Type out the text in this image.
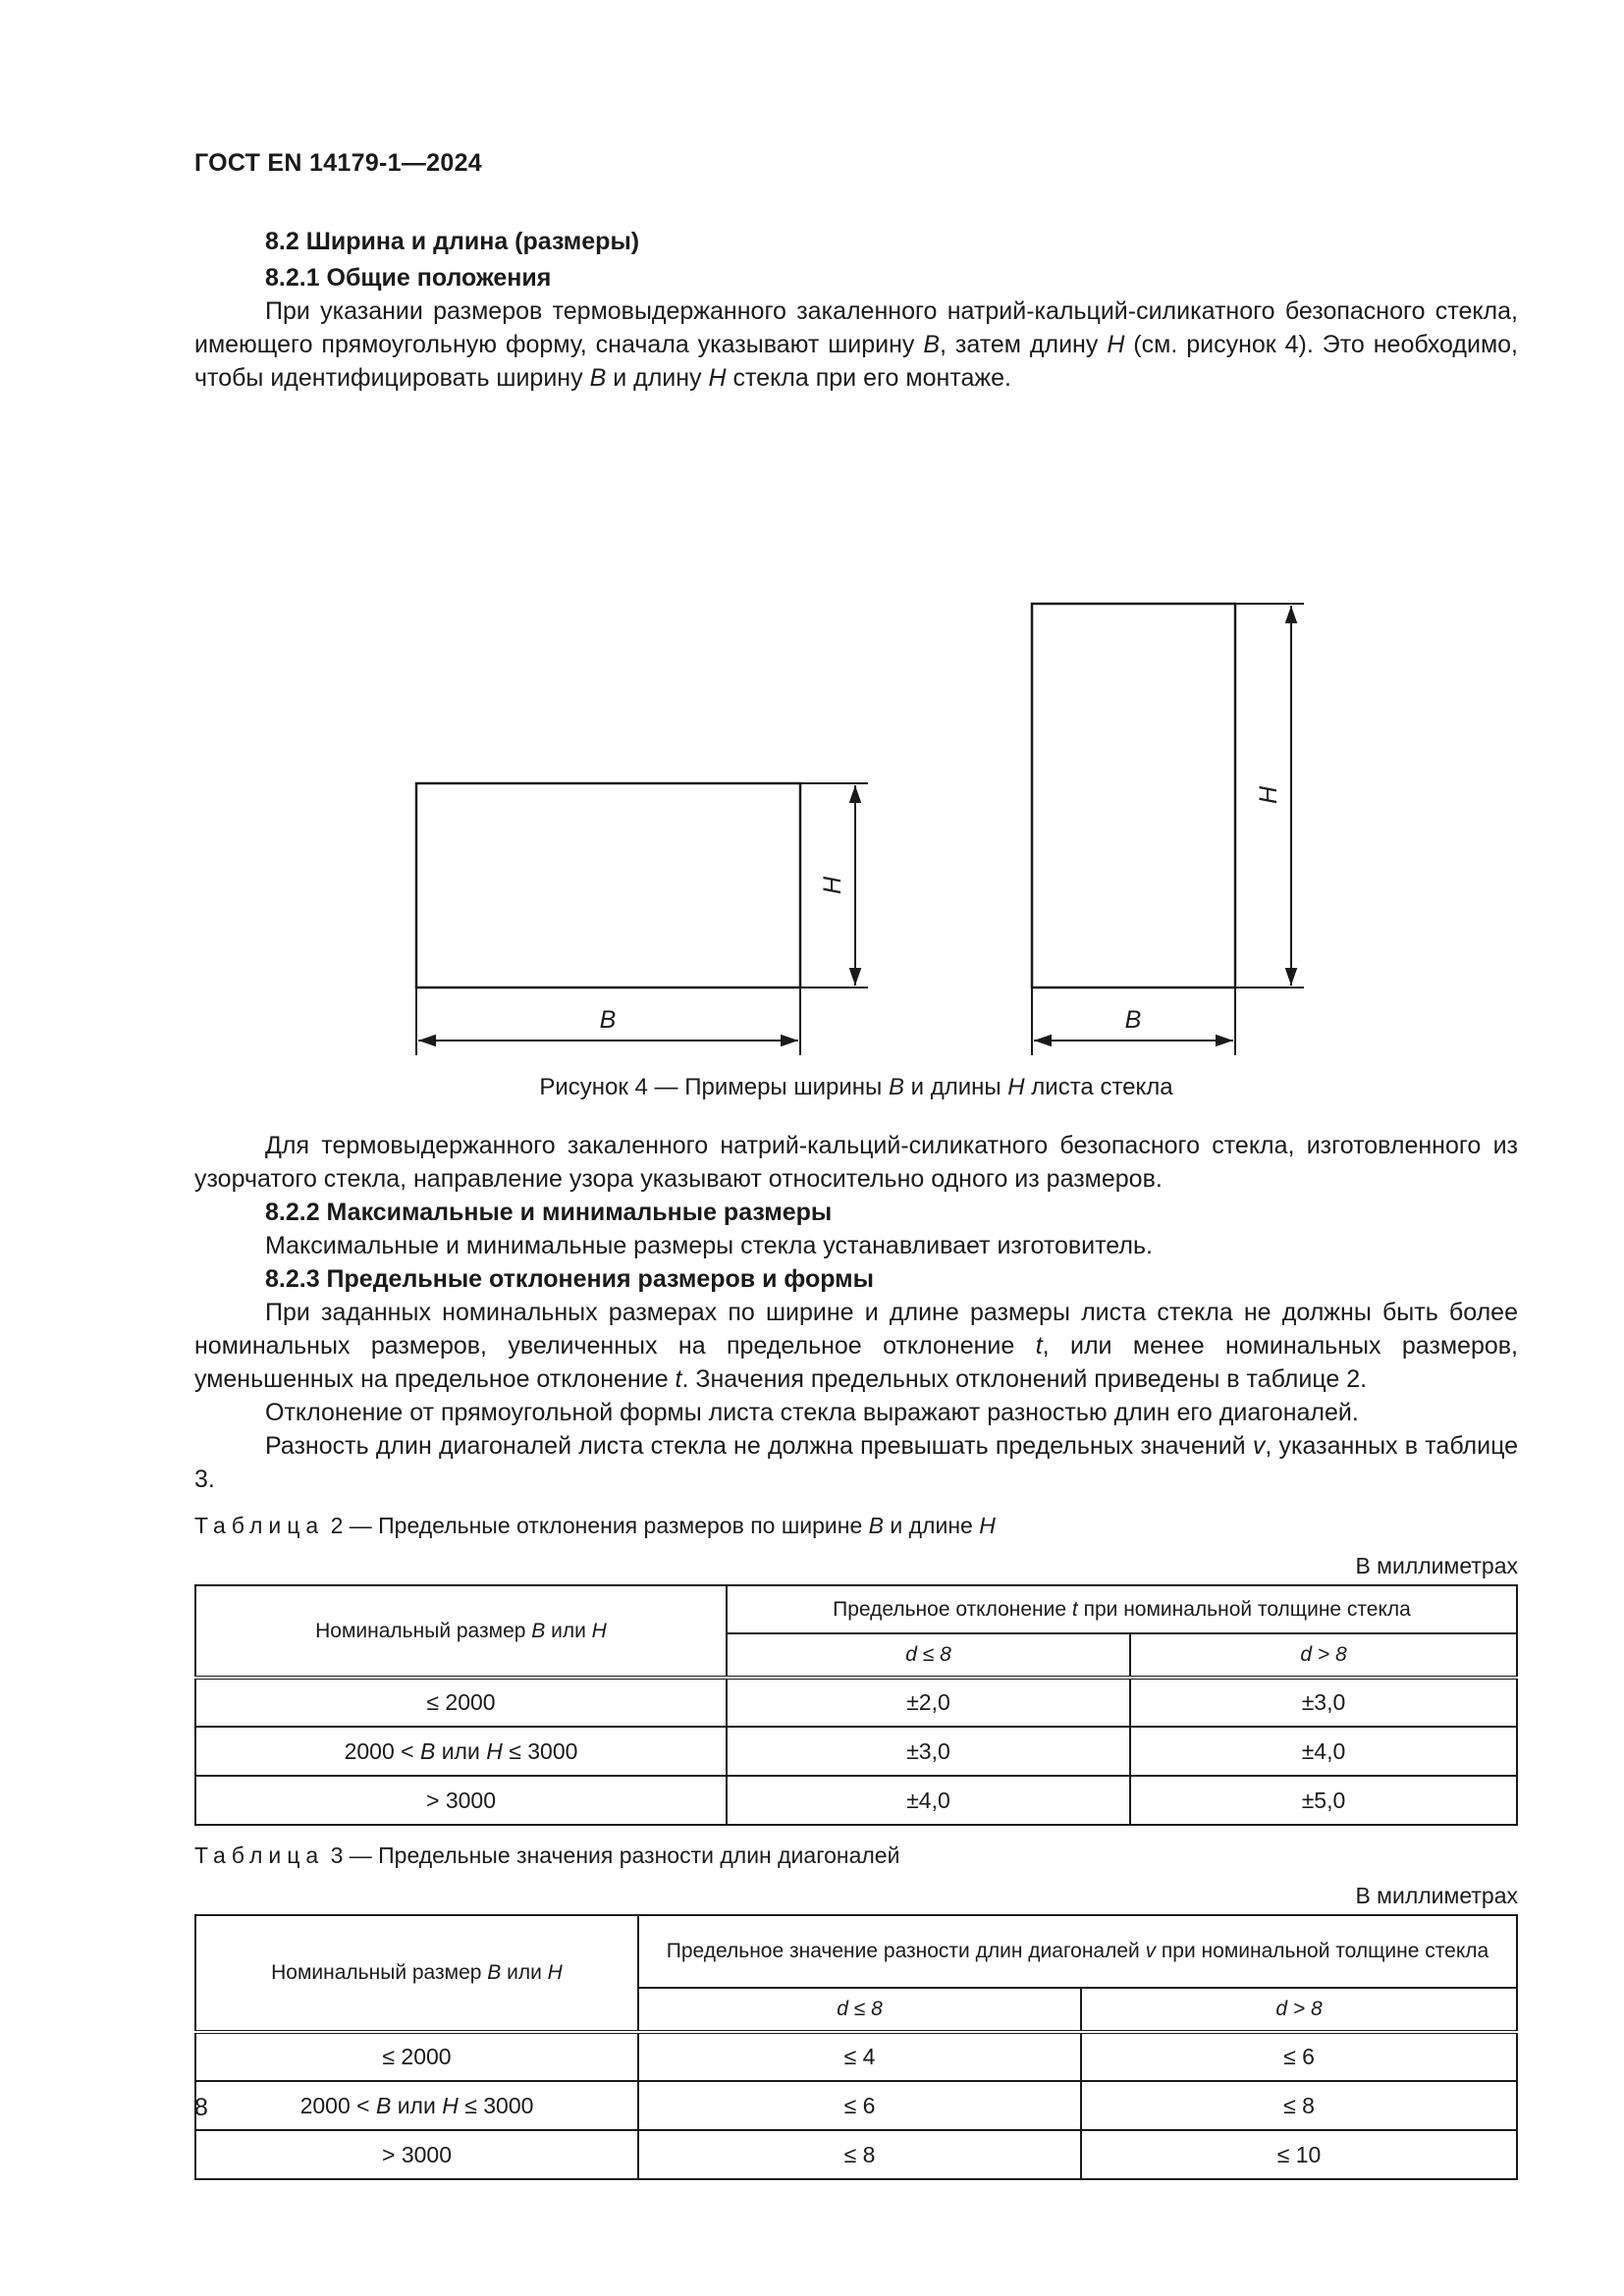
ГОСТ EN 14179-1—2024
8.2 Ширина и длина (размеры)
8.2.1 Общие положения

При указании размеров термовыдержанного закаленного натрий-кальций-силикатного безопасного стекла, имеющего прямоугольную форму, сначала указывают ширину B, затем длину H (см. рисунок 4). Это необходимо, чтобы идентифицировать ширину B и длину H стекла при его монтаже.

B
H
B
H
Рисунок 4 — Примеры ширины B и длины H листа стекла

Для термовыдержанного закаленного натрий-кальций-силикатного безопасного стекла, изготовленного из узорчатого стекла, направление узора указывают относительно одного из размеров.

8.2.2 Максимальные и минимальные размеры

Максимальные и минимальные размеры стекла устанавливает изготовитель.

8.2.3 Предельные отклонения размеров и формы

При заданных номинальных размерах по ширине и длине размеры листа стекла не должны быть более номинальных размеров, увеличенных на предельное отклонение t, или менее номинальных размеров, уменьшенных на предельное отклонение t. Значения предельных отклонений приведены в таблице 2.

Отклонение от прямоугольной формы листа стекла выражают разностью длин его диагоналей.

Разность длин диагоналей листа стекла не должна превышать предельных значений v, указанных в таблице 3.

Таблица 2 — Предельные отклонения размеров по ширине B и длине H
В миллиметрах
Номинальный размер B или H	Предельное отклонение t при номинальной толщине стекла	
	d ≤ 8	d > 8
≤ 2000	±2,0	±3,0
2000 < B или H ≤ 3000	±3,0	±4,0
> 3000	±4,0	±5,0
Таблица 3 — Предельные значения разности длин диагоналей
В миллиметрах
Номинальный размер B или H	Предельное значение разности длин диагоналей v при номинальной толщине стекла	
	d ≤ 8	d > 8
≤ 2000	≤ 4	≤ 6
2000 < B или H ≤ 3000	≤ 6	≤ 8
> 3000	≤ 8	≤ 10
8
